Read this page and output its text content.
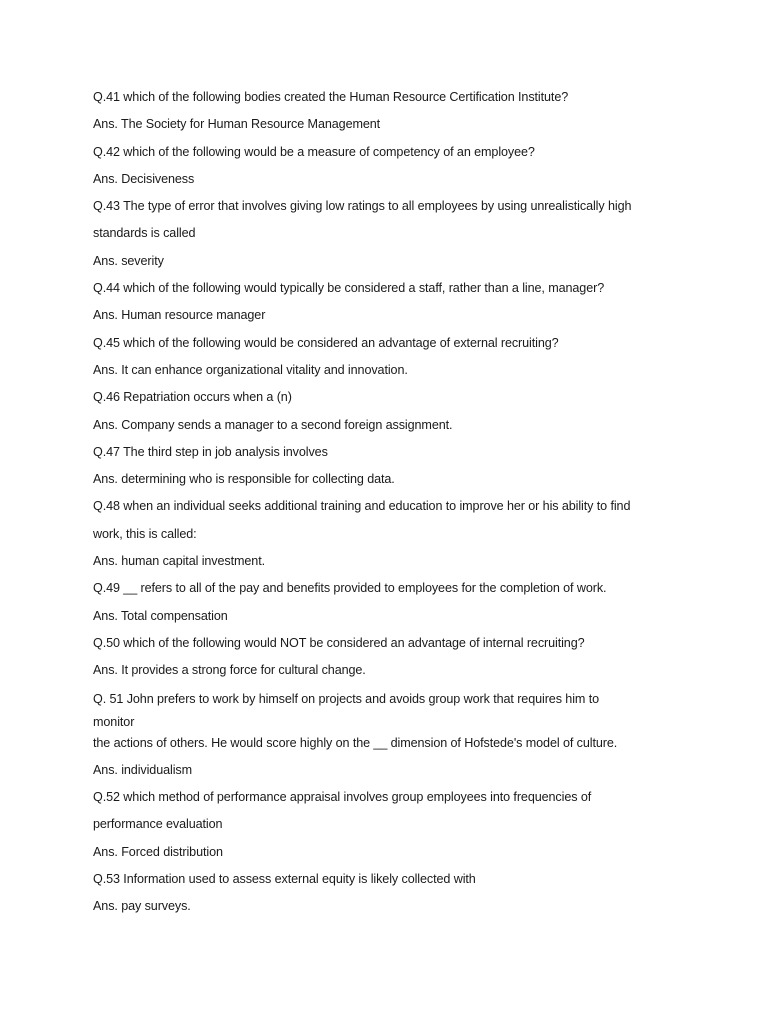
Q.41 which of the following bodies created the Human Resource Certification Institute?
Ans. The Society for Human Resource Management
Q.42 which of the following would be a measure of competency of an employee?
Ans. Decisiveness
Q.43 The type of error that involves giving low ratings to all employees by using unrealistically high
standards is called
Ans. severity
Q.44 which of the following would typically be considered a staff, rather than a line, manager?
Ans. Human resource manager
Q.45 which of the following would be considered an advantage of external recruiting?
Ans. It can enhance organizational vitality and innovation.
Q.46 Repatriation occurs when a (n)
Ans. Company sends a manager to a second foreign assignment.
Q.47 The third step in job analysis involves
Ans. determining who is responsible for collecting data.
Q.48 when an individual seeks additional training and education to improve her or his ability to find
work, this is called:
Ans. human capital investment.
Q.49 __ refers to all of the pay and benefits provided to employees for the completion of work.
Ans. Total compensation
Q.50 which of the following would NOT be considered an advantage of internal recruiting?
Ans. It provides a strong force for cultural change.
Q. 51 John prefers to work by himself on projects and avoids group work that requires him to
monitor
the actions of others. He would score highly on the __ dimension of Hofstede's model of culture.
Ans. individualism
Q.52 which method of performance appraisal involves group employees into frequencies of
performance evaluation
Ans. Forced distribution
Q.53 Information used to assess external equity is likely collected with
Ans. pay surveys.
